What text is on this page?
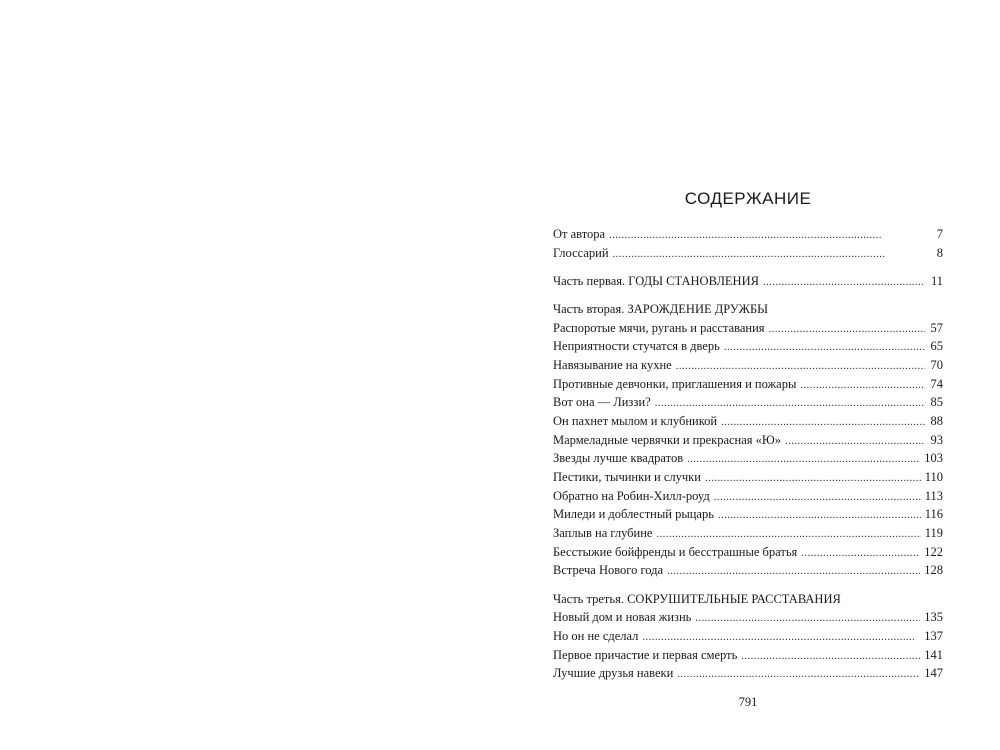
СОДЕРЖАНИЕ
От автора . . .	7
Глоссарий . . .	8
Часть первая. ГОДЫ СТАНОВЛЕНИЯ . . .	11
Часть вторая. ЗАРОЖДЕНИЕ ДРУЖБЫ
Распоротые мячи, ругань и расставания . . .	57
Неприятности стучатся в дверь . . .	65
Навязывание на кухне . . .	70
Противные девчонки, приглашения и пожары . . .	74
Вот она — Лиззи? . . .	85
Он пахнет мылом и клубникой . . .	88
Мармеладные червячки и прекрасная «Ю» . . .	93
Звезды лучше квадратов . . .	103
Пестики, тычинки и случки . . .	110
Обратно на Робин-Хилл-роуд . . .	113
Миледи и доблестный рыцарь . . .	116
Заплыв на глубине . . .	119
Бесстыжие бойфренды и бесстрашные братья . . .	122
Встреча Нового года . . .	128
Часть третья. СОКРУШИТЕЛЬНЫЕ РАССТАВАНИЯ
Новый дом и новая жизнь . . .	135
Но он не сделал . . .	137
Первое причастие и первая смерть . . .	141
Лучшие друзья навеки . . .	147
791
